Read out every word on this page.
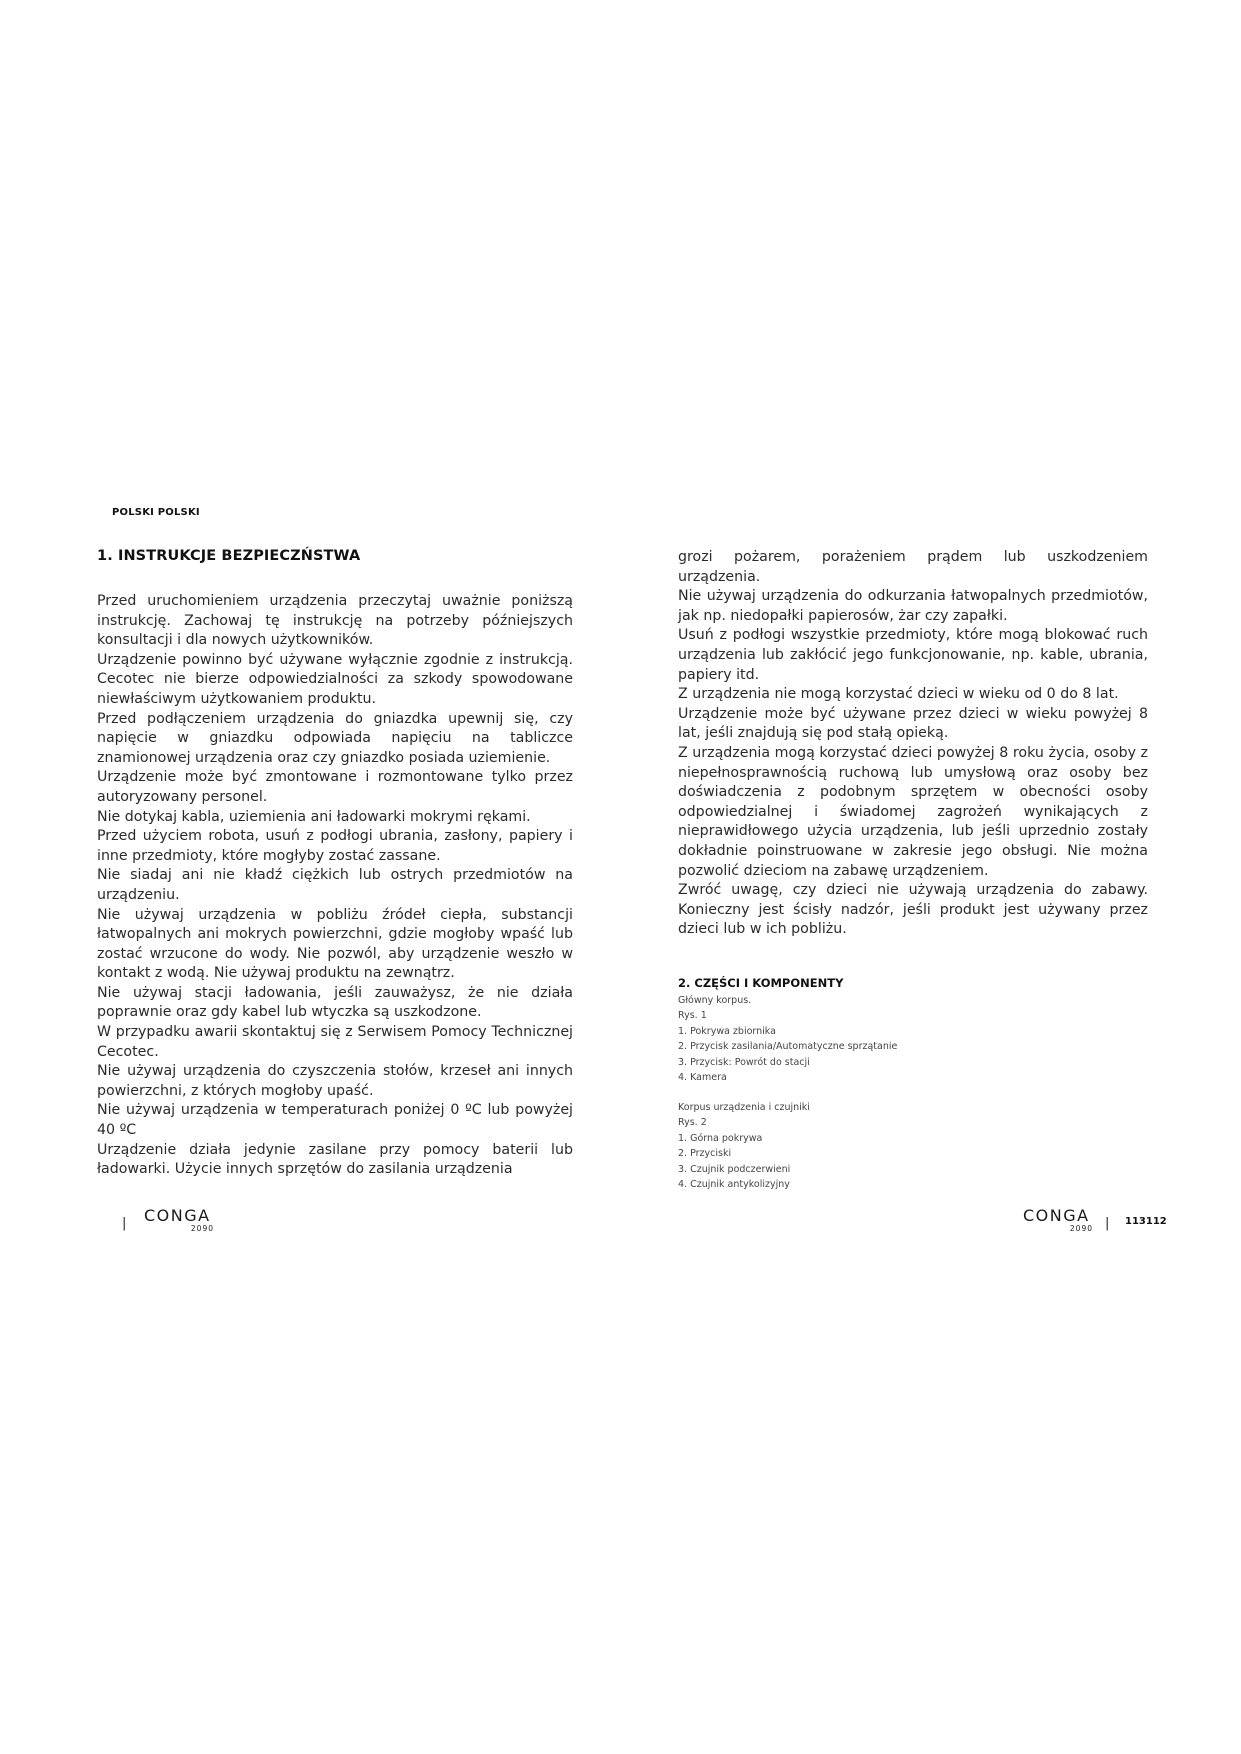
POLSKI POLSKI
1. INSTRUKCJE BEZPIECZŃSTWA

Przed uruchomieniem urządzenia przeczytaj uważnie poniższą instrukcję. Zachowaj tę instrukcję na potrzeby późniejszych konsultacji i dla nowych użytkowników.

Urządzenie powinno być używane wyłącznie zgodnie z instrukcją. Cecotec nie bierze odpowiedzialności za szkody spowodowane niewłaściwym użytkowaniem produktu.

Przed podłączeniem urządzenia do gniazdka upewnij się, czy napięcie w gniazdku odpowiada napięciu na tabliczce znamionowej urządzenia oraz czy gniazdko posiada uziemienie.

Urządzenie może być zmontowane i rozmontowane tylko przez autoryzowany personel.

Nie dotykaj kabla, uziemienia ani ładowarki mokrymi rękami.

Przed użyciem robota, usuń z podłogi ubrania, zasłony, papiery i inne przedmioty, które mogłyby zostać zassane.

Nie siadaj ani nie kładź ciężkich lub ostrych przedmiotów na urządzeniu.

Nie używaj urządzenia w pobliżu źródeł ciepła, substancji łatwopalnych ani mokrych powierzchni, gdzie mogłoby wpaść lub zostać wrzucone do wody. Nie pozwól, aby urządzenie weszło w kontakt z wodą. Nie używaj produktu na zewnątrz.

Nie używaj stacji ładowania, jeśli zauważysz, że nie działa poprawnie oraz gdy kabel lub wtyczka są uszkodzone.

W przypadku awarii skontaktuj się z Serwisem Pomocy Technicznej Cecotec.

Nie używaj urządzenia do czyszczenia stołów, krzeseł ani innych powierzchni, z których mogłoby upaść.

Nie używaj urządzenia w temperaturach poniżej 0 ºC lub powyżej 40 ºC

Urządzenie działa jedynie zasilane przy pomocy baterii lub ładowarki. Użycie innych sprzętów do zasilania urządzenia

grozi pożarem, porażeniem prądem lub uszkodzeniem urządzenia.

Nie używaj urządzenia do odkurzania łatwopalnych przedmiotów, jak np. niedopałki papierosów, żar czy zapałki.

Usuń z podłogi wszystkie przedmioty, które mogą blokować ruch urządzenia lub zakłócić jego funkcjonowanie, np. kable, ubrania, papiery itd.

Z urządzenia nie mogą korzystać dzieci w wieku od 0 do 8 lat.

Urządzenie może być używane przez dzieci w wieku powyżej 8 lat, jeśli znajdują się pod stałą opieką.

Z urządzenia mogą korzystać dzieci powyżej 8 roku życia, osoby z niepełnosprawnością ruchową lub umysłową oraz osoby bez doświadczenia z podobnym sprzętem w obecności osoby odpowiedzialnej i świadomej zagrożeń wynikających z nieprawidłowego użycia urządzenia, lub jeśli uprzednio zostały dokładnie poinstruowane w zakresie jego obsługi. Nie można pozwolić dzieciom na zabawę urządzeniem.

Zwróć uwagę, czy dzieci nie używają urządzenia do zabawy. Konieczny jest ścisły nadzór, jeśli produkt jest używany przez dzieci lub w ich pobliżu.

2. CZĘŚCI I KOMPONENTY

Główny korpus.

Rys. 1

1. Pokrywa zbiornika

2. Przycisk zasilania/Automatyczne sprzątanie

3. Przycisk: Powrót do stacji

4. Kamera

Korpus urządzenia i czujniki

Rys. 2

1. Górna pokrywa

2. Przyciski

3. Czujnik podczerwieni

4. Czujnik antykolizyjny

| CONGA
2090
CONGA
2090 | 113112
